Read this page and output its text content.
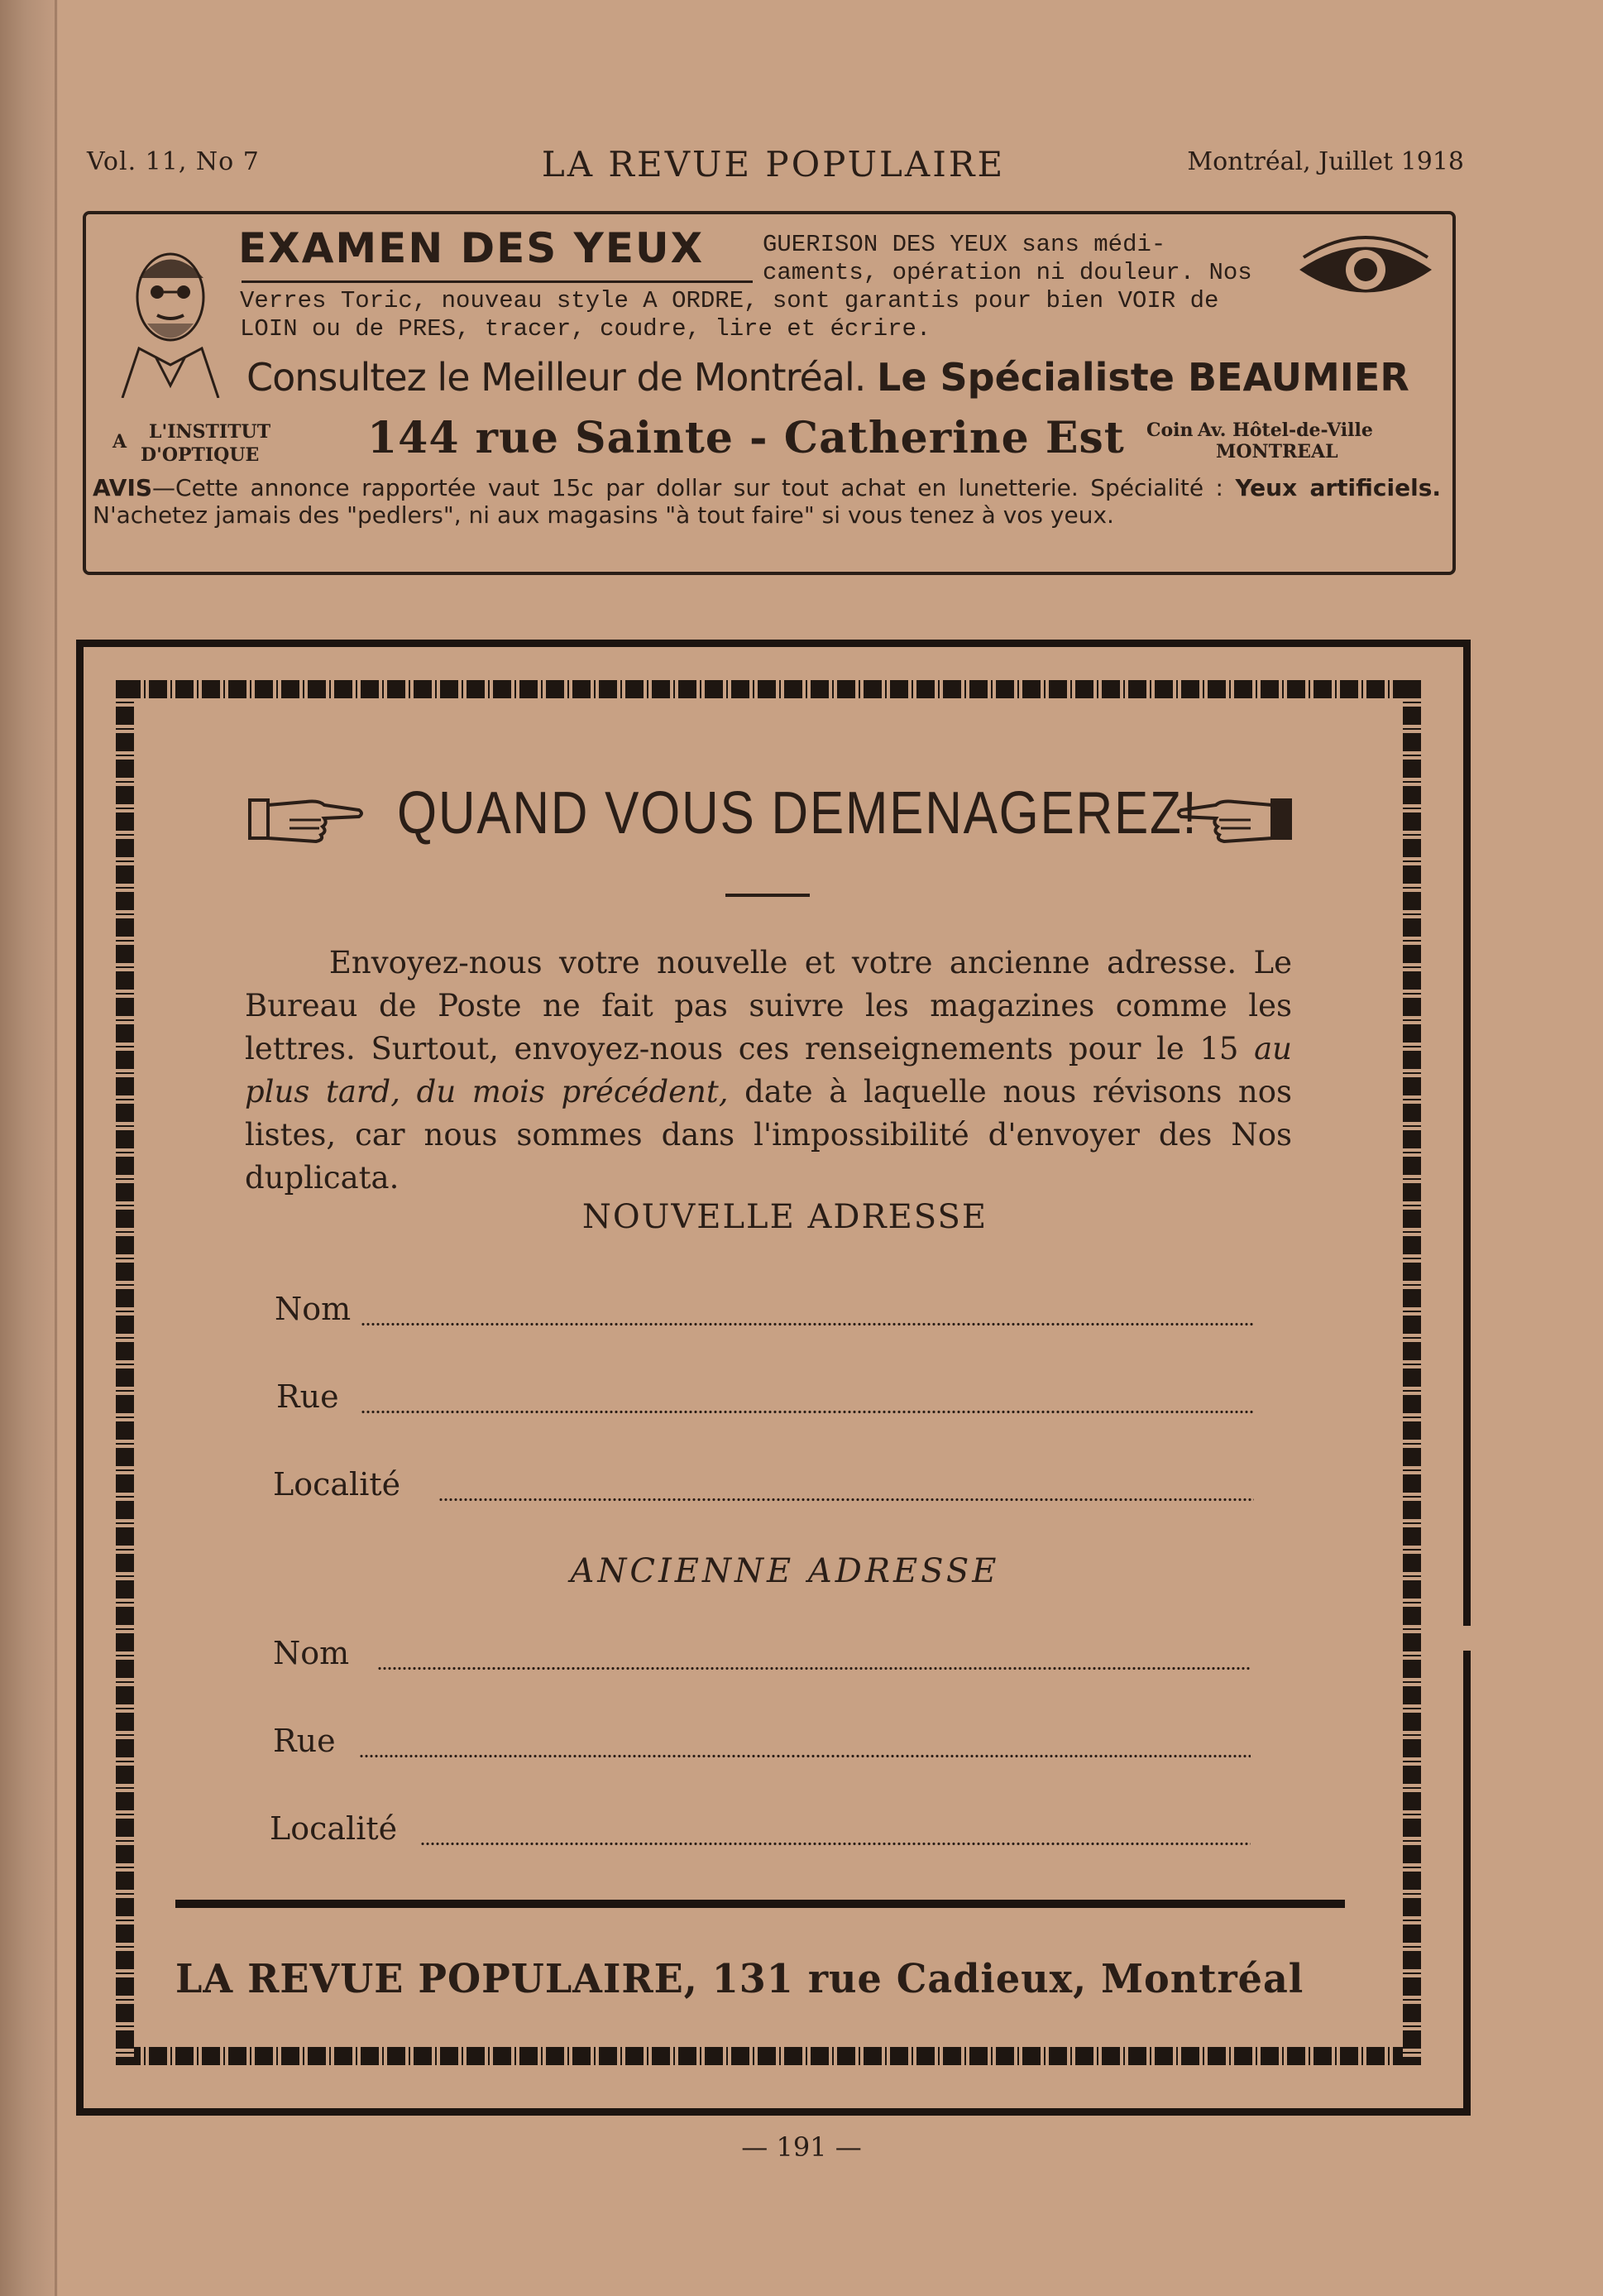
Vol. 11, No 7	LA REVUE POPULAIRE	Montréal, Juillet 1918
EXAMEN DES YEUX GUERISON DES YEUX sans médi-
caments, opération ni douleur. Nos
Verres Toric, nouveau style A ORDRE, sont garantis pour bien VOIR de
LOIN ou de PRES, tracer, coudre, lire et écrire.
Consultez le Meilleur de Montréal. Le Spécialiste BEAUMIER
A L'INSTITUT
D'OPTIQUE	144 rue Sainte - Catherine Est Coin Av. Hôtel-de-Ville
MONTREAL
AVIS—Cette annonce rapportée vaut 15c par dollar sur tout achat en lunetterie. Spécialité : Yeux artificiels. N'achetez jamais des "pedlers", ni aux magasins "à tout faire" si vous tenez à vos yeux.
QUAND VOUS DEMENAGEREZ!
Envoyez-nous votre nouvelle et votre ancienne adresse. Le Bureau de Poste ne fait pas suivre les magazines comme les lettres. Surtout, envoyez-nous ces renseignements pour le 15 au plus tard, du mois précédent, date à laquelle nous révisons nos listes, car nous sommes dans l'impossibilité d'envoyer des Nos duplicata.
NOUVELLE ADRESSE
Nom
Rue
Localité
ANCIENNE ADRESSE
Nom
Rue
Localité
LA REVUE POPULAIRE, 131 rue Cadieux, Montréal
— 191 —
